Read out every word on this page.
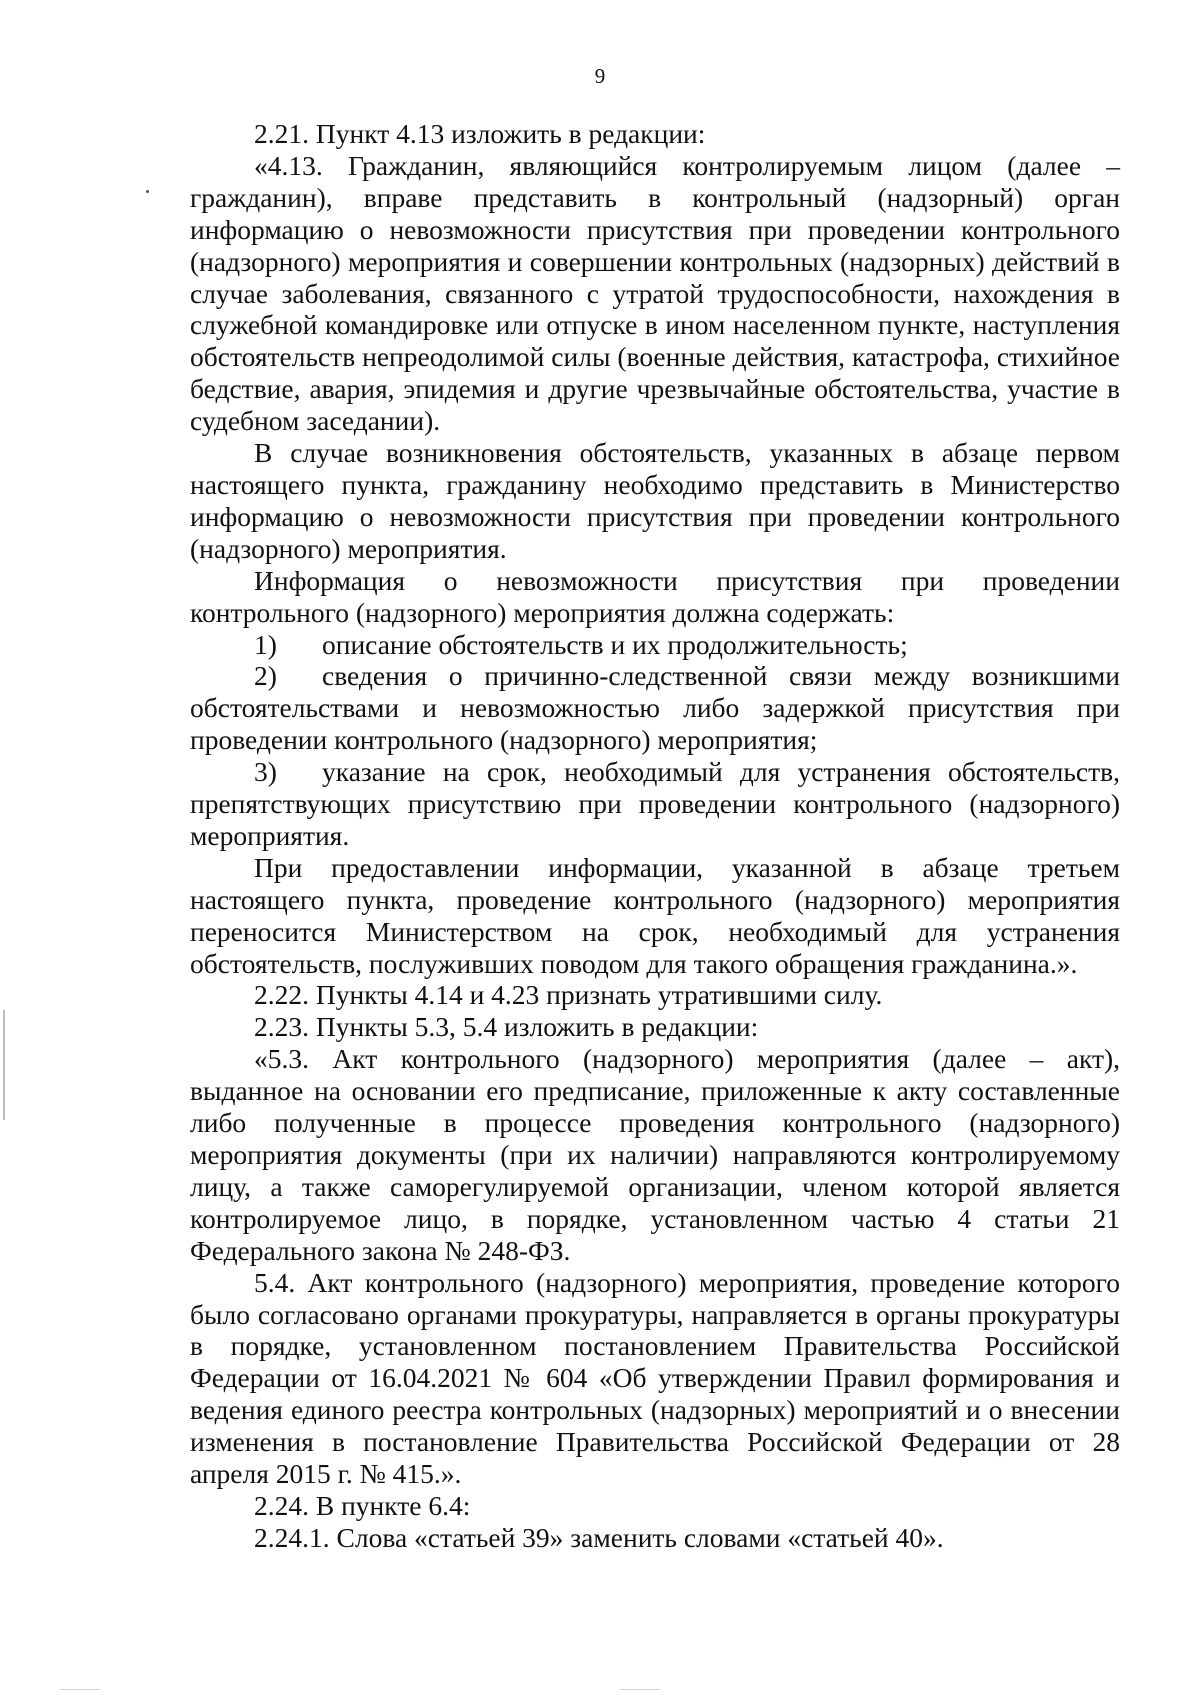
9

2.21. Пункт 4.13 изложить в редакции:

«4.13. Гражданин, являющийся контролируемым лицом (далее – гражданин), вправе представить в контрольный (надзорный) орган информацию о невозможности присутствия при проведении контрольного (надзорного) мероприятия и совершении контрольных (надзорных) действий в случае заболевания, связанного с утратой трудоспособности, нахождения в служебной командировке или отпуске в ином населенном пункте, наступления обстоятельств непреодолимой силы (военные действия, катастрофа, стихийное бедствие, авария, эпидемия и другие чрезвычайные обстоятельства, участие в судебном заседании).

В случае возникновения обстоятельств, указанных в абзаце первом настоящего пункта, гражданину необходимо представить в Министерство информацию о невозможности присутствия при проведении контрольного (надзорного) мероприятия.

Информация о невозможности присутствия при проведении контрольного (надзорного) мероприятия должна содержать:

1) описание обстоятельств и их продолжительность;

2) сведения о причинно-следственной связи между возникшими обстоятельствами и невозможностью либо задержкой присутствия при проведении контрольного (надзорного) мероприятия;

3) указание на срок, необходимый для устранения обстоятельств, препятствующих присутствию при проведении контрольного (надзорного) мероприятия.

При предоставлении информации, указанной в абзаце третьем настоящего пункта, проведение контрольного (надзорного) мероприятия переносится Министерством на срок, необходимый для устранения обстоятельств, послуживших поводом для такого обращения гражданина.».

2.22. Пункты 4.14 и 4.23 признать утратившими силу.

2.23. Пункты 5.3, 5.4 изложить в редакции:

«5.3. Акт контрольного (надзорного) мероприятия (далее – акт), выданное на основании его предписание, приложенные к акту составленные либо полученные в процессе проведения контрольного (надзорного) мероприятия документы (при их наличии) направляются контролируемому лицу, а также саморегулируемой организации, членом которой является контролируемое лицо, в порядке, установленном частью 4 статьи 21 Федерального закона № 248-ФЗ.

5.4. Акт контрольного (надзорного) мероприятия, проведение которого было согласовано органами прокуратуры, направляется в органы прокуратуры в порядке, установленном постановлением Правительства Российской Федерации от 16.04.2021 № 604 «Об утверждении Правил формирования и ведения единого реестра контрольных (надзорных) мероприятий и о внесении изменения в постановление Правительства Российской Федерации от 28 апреля 2015 г. № 415.».

2.24. В пункте 6.4:

2.24.1. Слова «статьей 39» заменить словами «статьей 40».
